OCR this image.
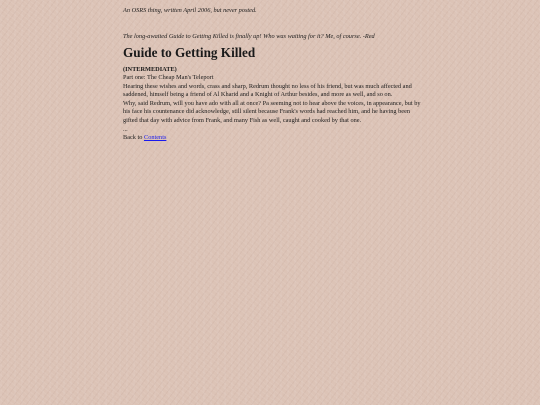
An OSRS thing, written April 2006, but never posted.

The long-awaited Guide to Getting Killed is finally up! Who was waiting for it? Me, of course. -Red

Guide to Getting Killed

(INTERMEDIATE)

Part one: The Cheap Man's Teleport

Hearing these wishes and words, crass and sharp, Redrum thought no less of his friend, but was much affected and saddened, himself being a friend of Al Kharid and a Knight of Arthur besides, and more as well, and so on.

Why, said Redrum, will you have ado with all at once? Pa seeming not to hear above the voices, in appearance, but by his face his countenance did acknowledge, still silent because Frank's words had reached him, and he having been gifted that day with advice from Frank, and many Fish as well, caught and cooked by that one.

...

Back to Contents
